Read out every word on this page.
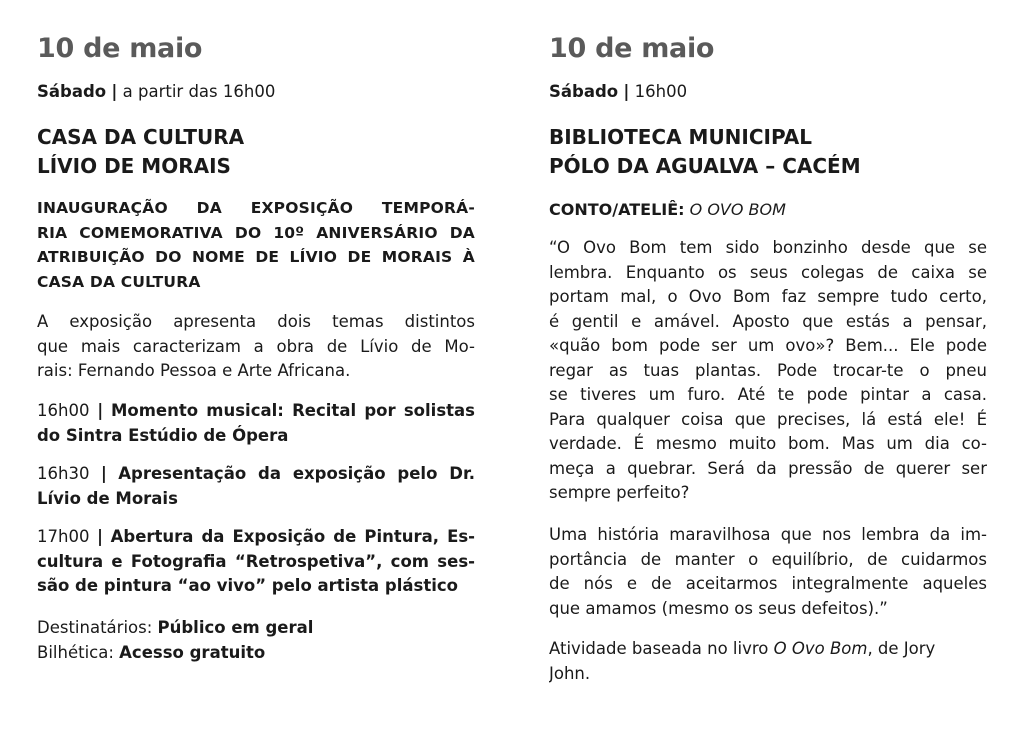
10 de maio
Sábado | a partir das 16h00
CASA DA CULTURA
LÍVIO DE MORAIS
INAUGURAÇÃO DA EXPOSIÇÃO TEMPORÁ-
RIA COMEMORATIVA DO 10º ANIVERSÁRIO DA
ATRIBUIÇÃO DO NOME DE LÍVIO DE MORAIS À
CASA DA CULTURA
A exposição apresenta dois temas distintos
que mais caracterizam a obra de Lívio de Mo-
rais: Fernando Pessoa e Arte Africana.
16h00 | Momento musical: Recital por solistas
do Sintra Estúdio de Ópera
16h30 | Apresentação da exposição pelo Dr.
Lívio de Morais
17h00 | Abertura da Exposição de Pintura, Es-
cultura e Fotografia “Retrospetiva”, com ses-
são de pintura “ao vivo” pelo artista plástico
Destinatários: Público em geral
Bilhética: Acesso gratuito
10 de maio
Sábado | 16h00
BIBLIOTECA MUNICIPAL
PÓLO DA AGUALVA – CACÉM
CONTO/ATELIÊ: O OVO BOM
“O Ovo Bom tem sido bonzinho desde que se
lembra. Enquanto os seus colegas de caixa se
portam mal, o Ovo Bom faz sempre tudo certo,
é gentil e amável. Aposto que estás a pensar,
«quão bom pode ser um ovo»? Bem... Ele pode
regar as tuas plantas. Pode trocar-te o pneu
se tiveres um furo. Até te pode pintar a casa.
Para qualquer coisa que precises, lá está ele! É
verdade. É mesmo muito bom. Mas um dia co-
meça a quebrar. Será da pressão de querer ser
sempre perfeito?
Uma história maravilhosa que nos lembra da im-
portância de manter o equilíbrio, de cuidarmos
de nós e de aceitarmos integralmente aqueles
que amamos (mesmo os seus defeitos).”
Atividade baseada no livro O Ovo Bom, de Jory
John.
